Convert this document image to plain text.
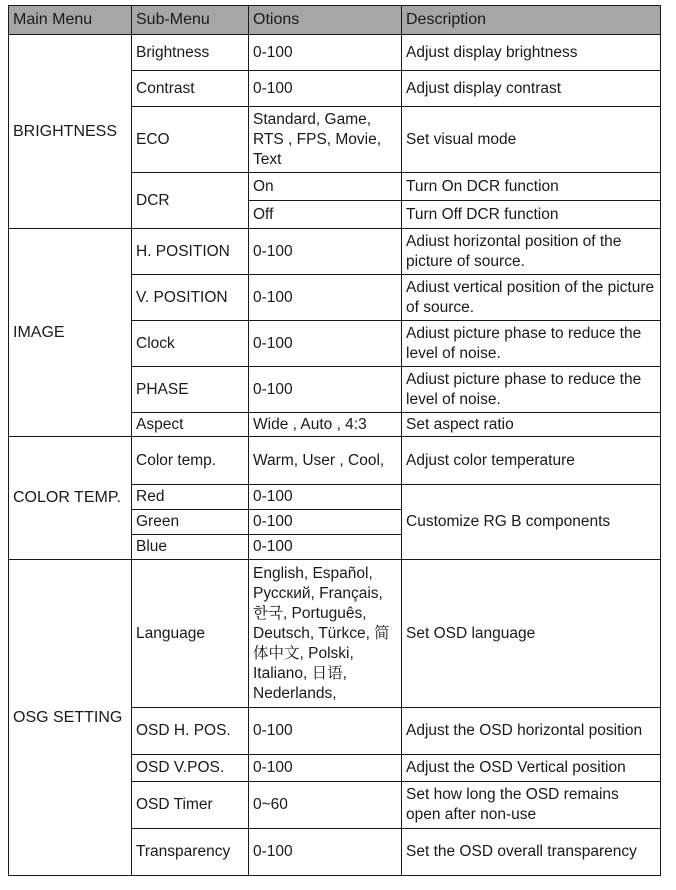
Main Menu	Sub-Menu	Otions	Description
BRIGHTNESS	Brightness	0-100	Adjust display brightness
	Contrast	0-100	Adjust display contrast
	ECO	Standard, Game, RTS , FPS, Movie, Text	Set visual mode
	DCR	On	Turn On DCR function
		Off	Turn Off DCR function
IMAGE	H. POSITION	0-100	Adiust horizontal position of the picture of source.
	V. POSITION	0-100	Adiust vertical position of the picture of source.
	Clock	0-100	Adiust picture phase to reduce the level of noise.
	PHASE	0-100	Adiust picture phase to reduce the level of noise.
	Aspect	Wide , Auto , 4:3	Set aspect ratio
COLOR TEMP.	Color temp.	Warm, User , Cool,	Adjust color temperature
	Red	0-100	Customize RG B components
	Green	0-100	
	Blue	0-100	
OSG SETTING	Language	English, Español, Русский, Français, 한국, Português, Deutsch, Türkce, 简体中文, Polski, Italiano, 日语, Nederlands,	Set OSD language
	OSD H. POS.	0-100	Adjust the OSD horizontal position
	OSD V.POS.	0-100	Adjust the OSD Vertical position
	OSD Timer	0~60	Set how long the OSD remains open after non-use
	Transparency	0-100	Set the OSD overall transparency
